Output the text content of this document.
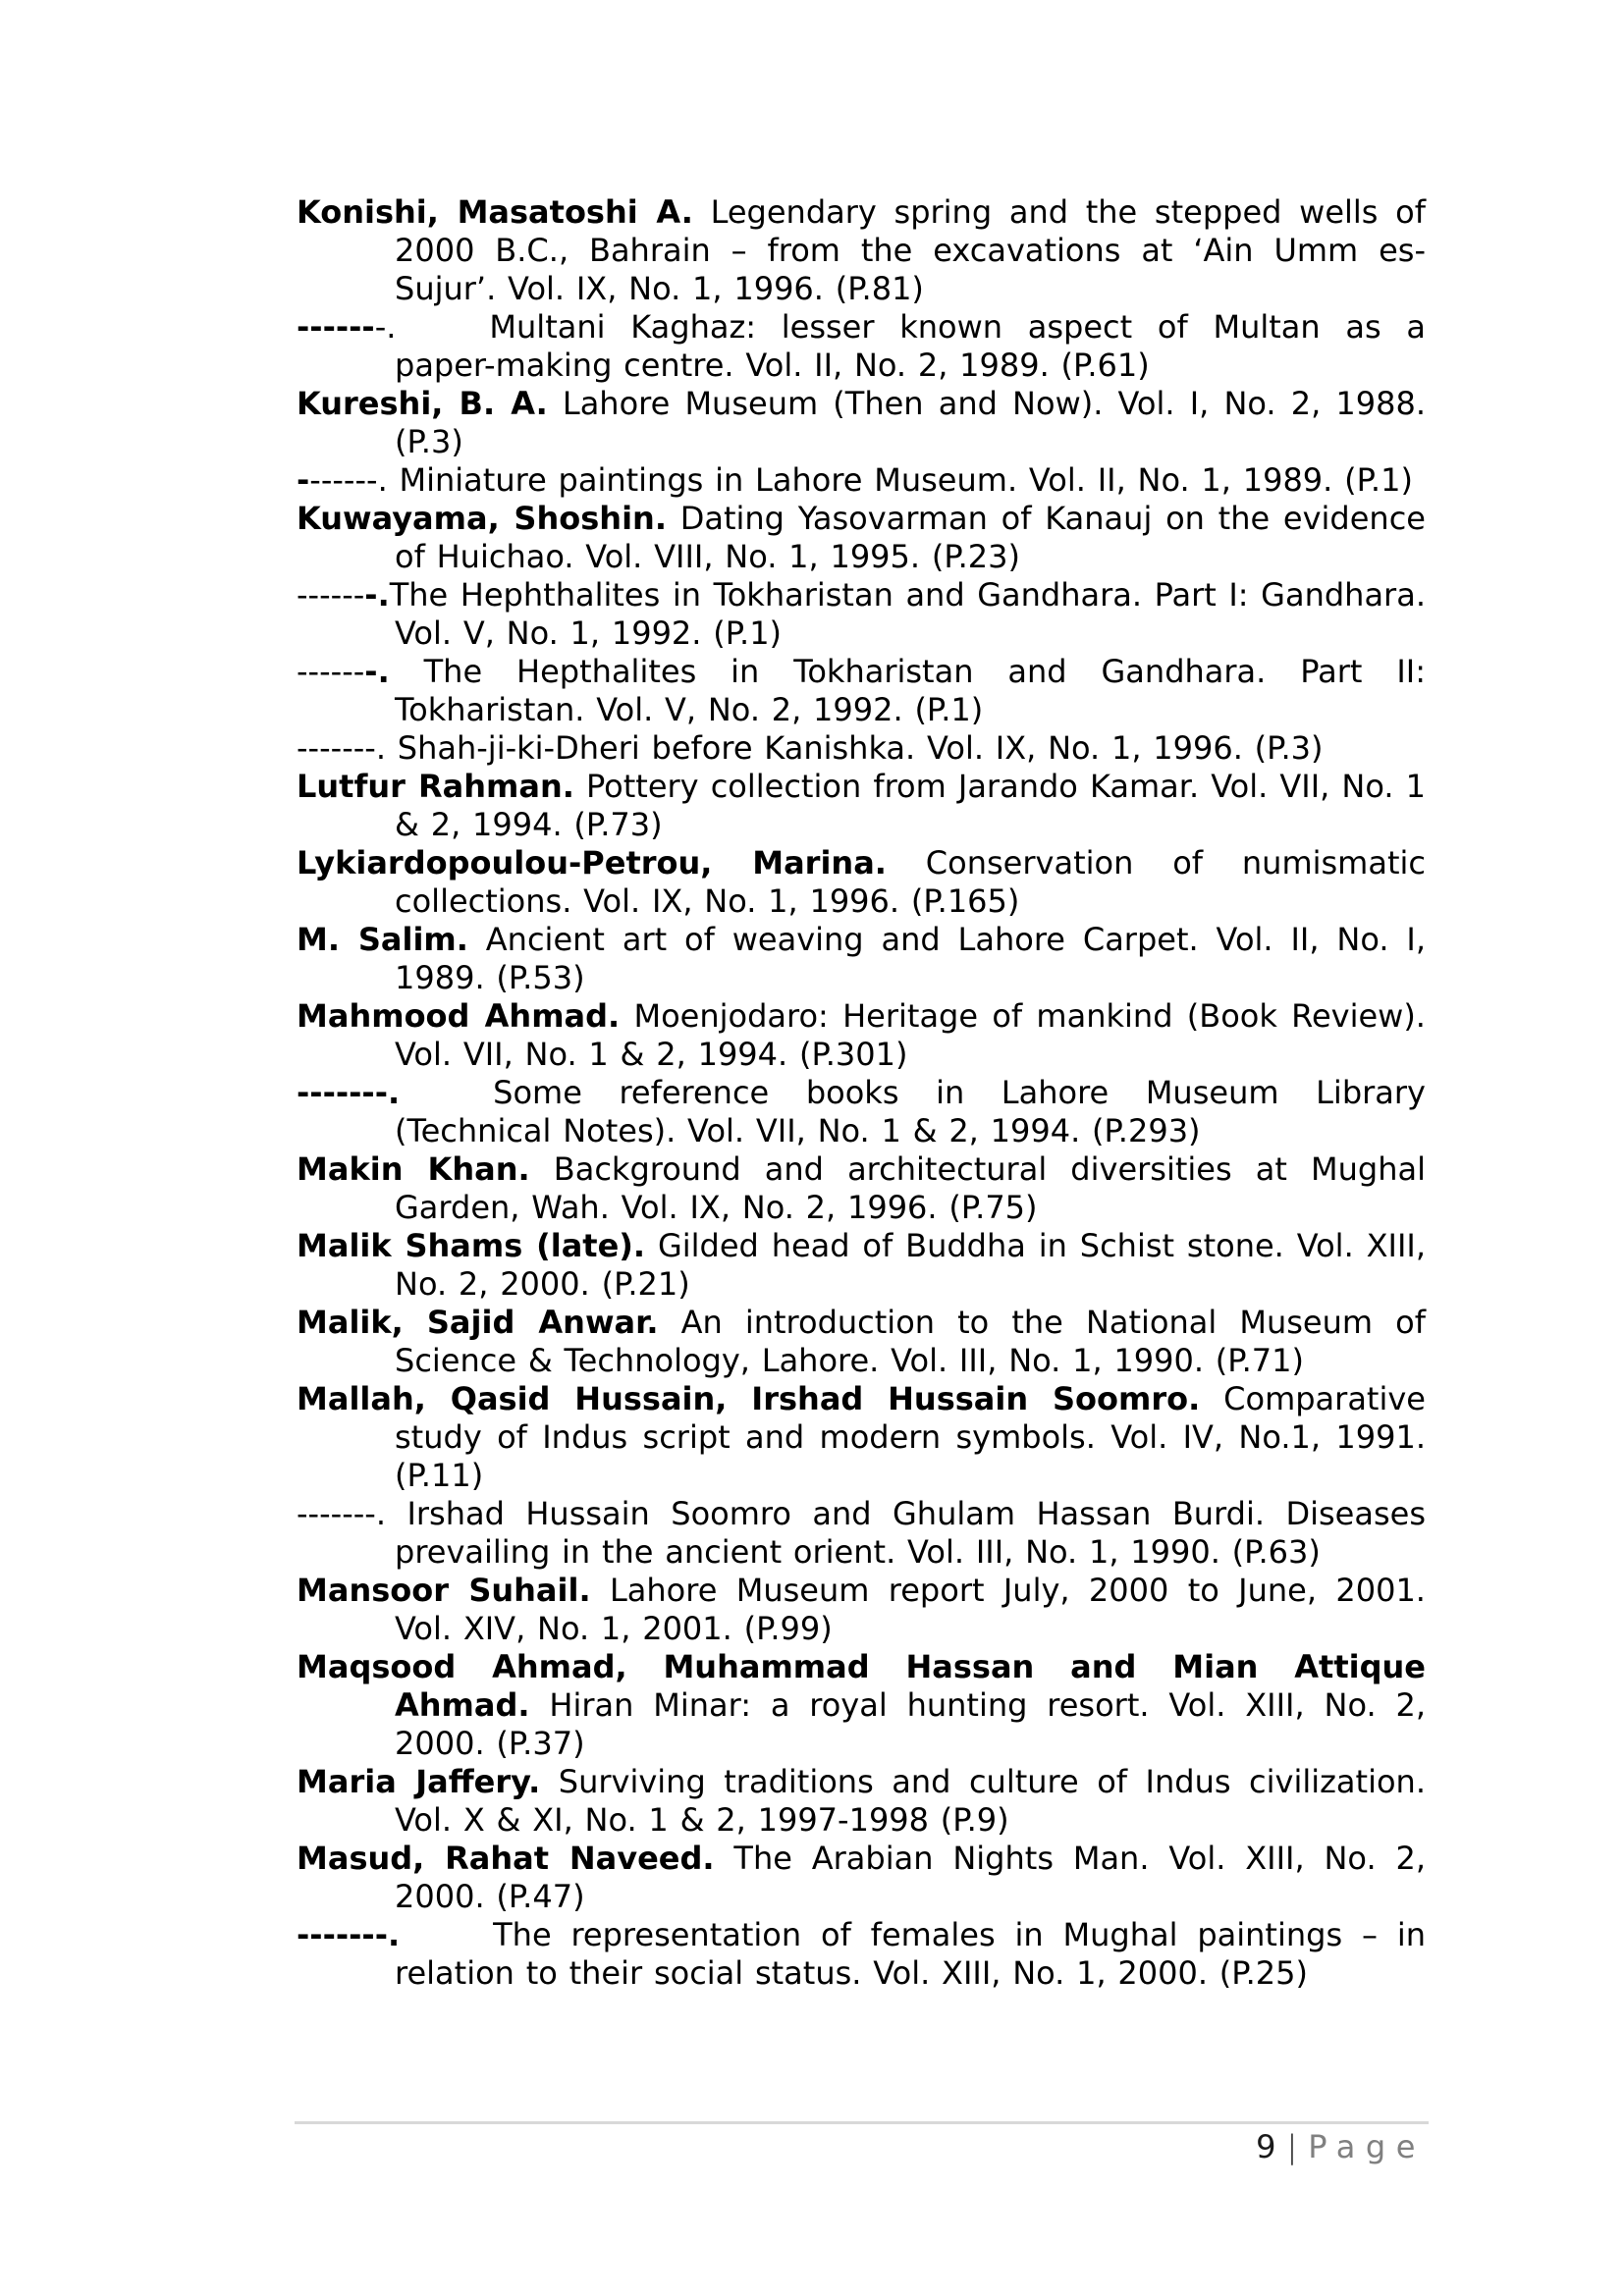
Konishi, Masatoshi A. Legendary spring and the stepped wells of 2000 B.C., Bahrain – from the excavations at ‘Ain Umm es-Sujur’. Vol. IX, No. 1, 1996. (P.81)

-------.	Multani Kaghaz: lesser known aspect of Multan as a paper-making centre. Vol. II, No. 2, 1989. (P.61)

Kureshi, B. A. Lahore Museum (Then and Now). Vol. I, No. 2, 1988. (P.3)

-------. Miniature paintings in Lahore Museum. Vol. II, No. 1, 1989. (P.1)

Kuwayama, Shoshin. Dating Yasovarman of Kanauj on the evidence of Huichao. Vol. VIII, No. 1, 1995. (P.23)

-------.The Hephthalites in Tokharistan and Gandhara. Part I: Gandhara. Vol. V, No. 1, 1992. (P.1)

-------. The Hepthalites in Tokharistan and Gandhara. Part II: Tokharistan. Vol. V, No. 2, 1992. (P.1)

-------. Shah-ji-ki-Dheri before Kanishka. Vol. IX, No. 1, 1996. (P.3)

Lutfur Rahman. Pottery collection from Jarando Kamar. Vol. VII, No. 1 & 2, 1994. (P.73)

Lykiardopoulou-Petrou, Marina. Conservation of numismatic collections. Vol. IX, No. 1, 1996. (P.165)

M. Salim. Ancient art of weaving and Lahore Carpet. Vol. II, No. I, 1989. (P.53)

Mahmood Ahmad. Moenjodaro: Heritage of mankind (Book Review). Vol. VII, No. 1 & 2, 1994. (P.301)

-------.	Some reference books in Lahore Museum Library (Technical Notes). Vol. VII, No. 1 & 2, 1994. (P.293)

Makin Khan. Background and architectural diversities at Mughal Garden, Wah. Vol. IX, No. 2, 1996. (P.75)

Malik Shams (late). Gilded head of Buddha in Schist stone. Vol. XIII, No. 2, 2000. (P.21)

Malik, Sajid Anwar. An introduction to the National Museum of Science & Technology, Lahore. Vol. III, No. 1, 1990. (P.71)

Mallah, Qasid Hussain, Irshad Hussain Soomro. Comparative study of Indus script and modern symbols. Vol. IV, No.1, 1991. (P.11)

-------. Irshad Hussain Soomro and Ghulam Hassan Burdi. Diseases prevailing in the ancient orient. Vol. III, No. 1, 1990. (P.63)

Mansoor Suhail. Lahore Museum report July, 2000 to June, 2001. Vol. XIV, No. 1, 2001. (P.99)

Maqsood Ahmad, Muhammad Hassan and Mian Attique Ahmad. Hiran Minar: a royal hunting resort. Vol. XIII, No. 2, 2000. (P.37)

Maria Jaffery. Surviving traditions and culture of Indus civilization. Vol. X & XI, No. 1 & 2, 1997-1998 (P.9)

Masud, Rahat Naveed. The Arabian Nights Man. Vol. XIII, No. 2, 2000. (P.47)

-------.	The representation of females in Mughal paintings – in relation to their social status. Vol. XIII, No. 1, 2000. (P.25)

9 | Page
